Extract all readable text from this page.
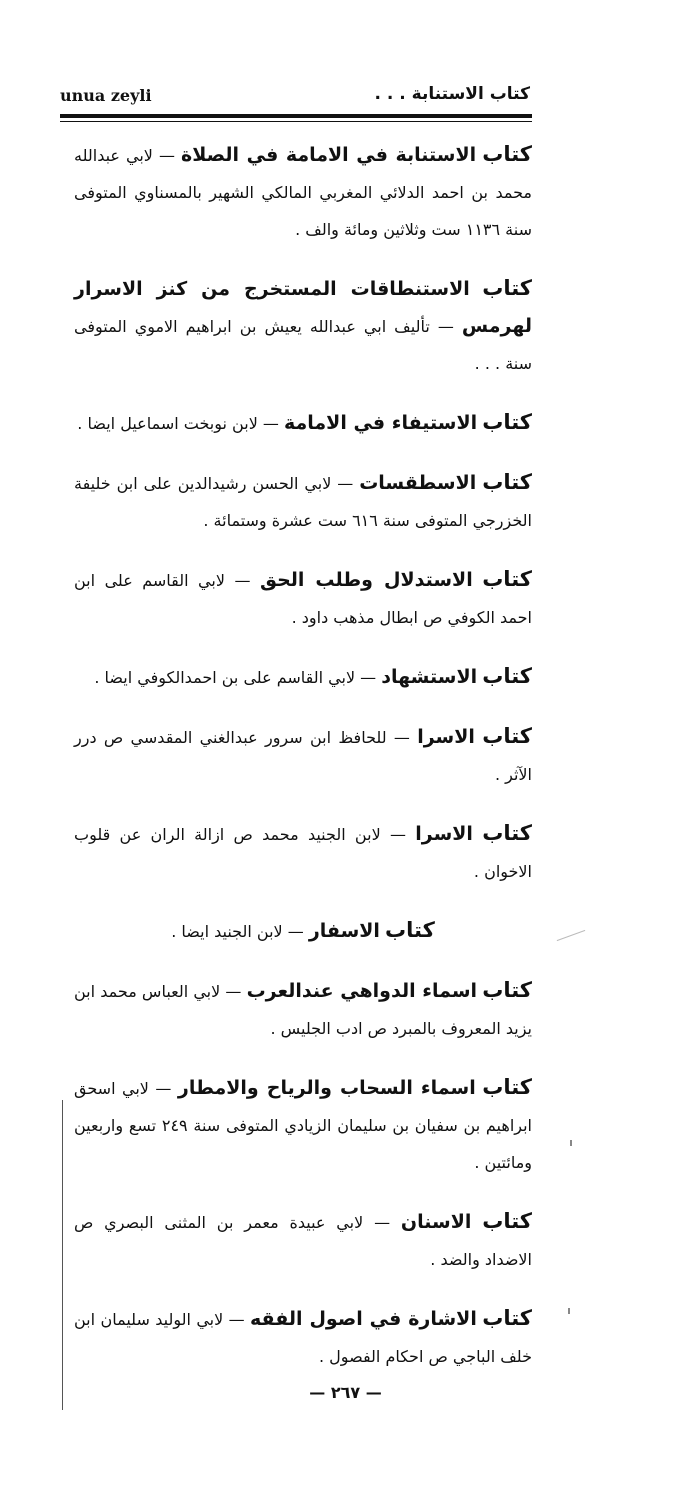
unua zeyli	كتاب الاستنابة . . .

كتاب الاستنابة في الامامة في الصلاة — لابي عبدالله محمد بن احمد الدلائي المغربي المالكي الشهير بالمسناوي المتوفى سنة ١١٣٦ ست وثلاثين ومائة والف .

كتاب الاستنطاقات المستخرج من كنز الاسرار لهرمس — تأليف ابي عبدالله يعيش بن ابراهيم الاموي المتوفى سنة . . .

كتاب الاستيفاء في الامامة — لابن نوبخت اسماعيل ايضا .

كتاب الاسطقسات — لابي الحسن رشيدالدين على ابن خليفة الخزرجي المتوفى سنة ٦١٦ ست عشرة وستمائة .

كتاب الاستدلال وطلب الحق — لابي القاسم على ابن احمد الكوفي ص ابطال مذهب داود .

كتاب الاستشهاد — لابي القاسم على بن احمدالكوفي ايضا .

كتاب الاسرا — للحافظ ابن سرور عبدالغني المقدسي ص درر الآثر .

كتاب الاسرا — لابن الجنيد محمد ص ازالة الران عن قلوب الاخوان .

كتاب الاسفار — لابن الجنيد ايضا .

كتاب اسماء الدواهي عندالعرب — لابي العباس محمد ابن يزيد المعروف بالمبرد ص ادب الجليس .

كتاب اسماء السحاب والرياح والامطار — لابي اسحق ابراهيم بن سفيان بن سليمان الزيادي المتوفى سنة ٢٤٩ تسع واربعين ومائتين .

كتاب الاسنان — لابي عبيدة معمر بن المثنى البصري ص الاضداد والضد .

كتاب الاشارة في اصول الفقه — لابي الوليد سليمان ابن خلف الباجي ص احكام الفصول .

— ٢٦٧ —
